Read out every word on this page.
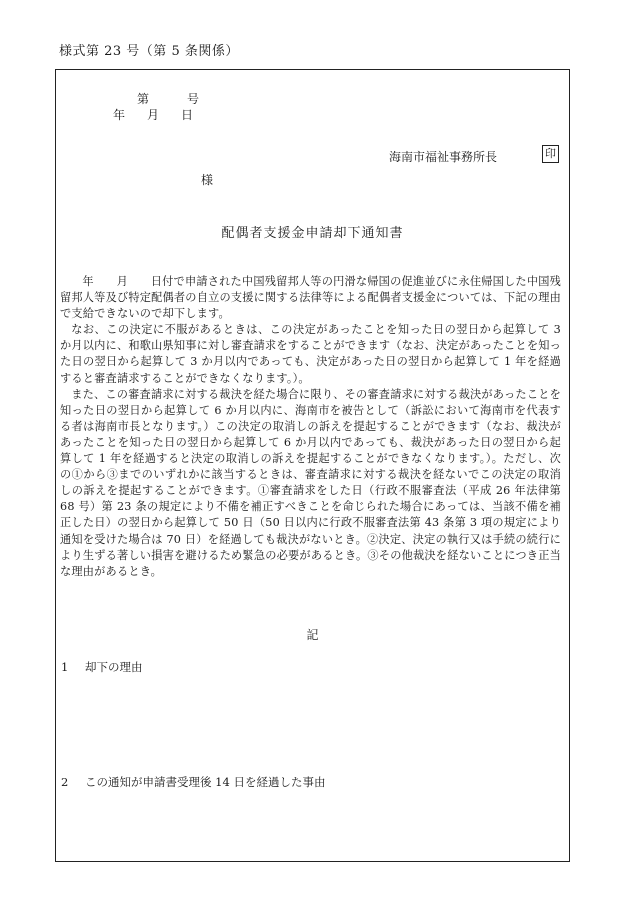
様式第 23 号（第 5 条関係）
第	号
年 月 日
海南市福祉事務所長	印
様
配偶者支援金申請却下通知書

年　　月　　日付で申請された中国残留邦人等の円滑な帰国の促進並びに永住帰国した中国残留邦人等及び特定配偶者の自立の支援に関する法律等による配偶者支援金については、下記の理由で支給できないので却下します。

なお、この決定に不服があるときは、この決定があったことを知った日の翌日から起算して 3 か月以内に、和歌山県知事に対し審査請求をすることができます（なお、決定があったことを知った日の翌日から起算して 3 か月以内であっても、決定があった日の翌日から起算して 1 年を経過すると審査請求することができなくなります。）。

また、この審査請求に対する裁決を経た場合に限り、その審査請求に対する裁決があったことを知った日の翌日から起算して 6 か月以内に、海南市を被告として（訴訟において海南市を代表する者は海南市長となります。）この決定の取消しの訴えを提起することができます（なお、裁決があったことを知った日の翌日から起算して 6 か月以内であっても、裁決があった日の翌日から起算して 1 年を経過すると決定の取消しの訴えを提起することができなくなります。）。ただし、次の①から③までのいずれかに該当するときは、審査請求に対する裁決を経ないでこの決定の取消しの訴えを提起することができます。①審査請求をした日（行政不服審査法（平成 26 年法律第 68 号）第 23 条の規定により不備を補正すべきことを命じられた場合にあっては、当該不備を補正した日）の翌日から起算して 50 日（50 日以内に行政不服審査法第 43 条第 3 項の規定により通知を受けた場合は 70 日）を経過しても裁決がないとき。②決定、決定の執行又は手続の続行により生ずる著しい損害を避けるため緊急の必要があるとき。③その他裁決を経ないことにつき正当な理由があるとき。

記
1 却下の理由
2 この通知が申請書受理後 14 日を経過した事由
